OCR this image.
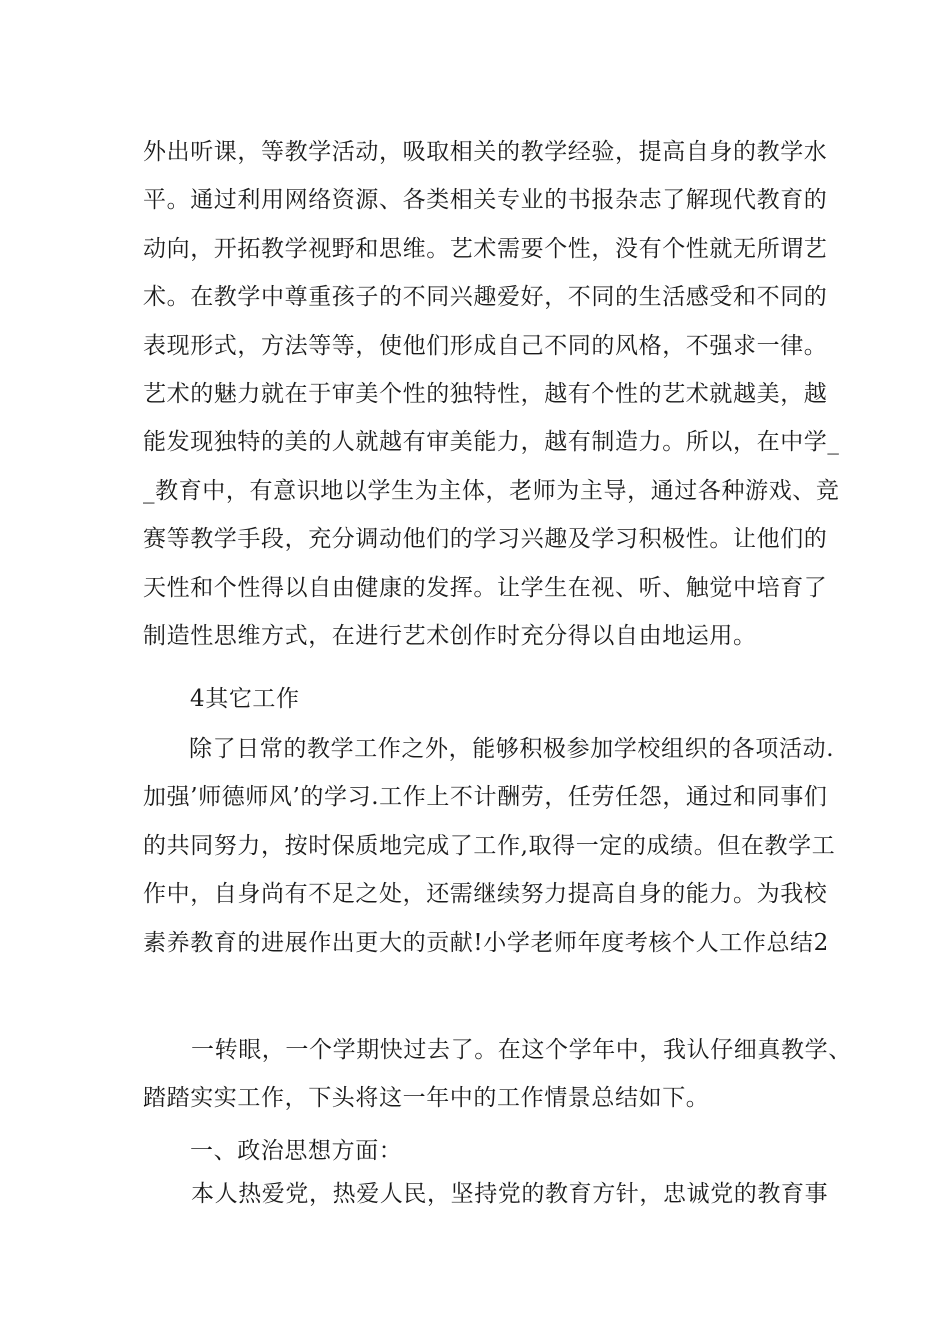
外出听课，等教学活动，吸取相关的教学经验，提高自身的教学水
平。通过利用网络资源、各类相关专业的书报杂志了解现代教育的
动向，开拓教学视野和思维。艺术需要个性，没有个性就无所谓艺
术。在教学中尊重孩子的不同兴趣爱好，不同的生活感受和不同的
表现形式，方法等等，使他们形成自己不同的风格，不强求一律。
艺术的魅力就在于审美个性的独特性，越有个性的艺术就越美，越
能发现独特的美的人就越有审美能力，越有制造力。所以，在中学_
_教育中，有意识地以学生为主体，老师为主导，通过各种游戏、竞
赛等教学手段，充分调动他们的学习兴趣及学习积极性。让他们的
天性和个性得以自由健康的发挥。让学生在视、听、触觉中培育了
制造性思维方式，在进行艺术创作时充分得以自由地运用。
4其它工作
除了日常的教学工作之外，能够积极参加学校组织的各项活动.
加强’师德师风’的学习.工作上不计酬劳，任劳任怨，通过和同事们
的共同努力，按时保质地完成了工作,取得一定的成绩。但在教学工
作中，自身尚有不足之处，还需继续努力提高自身的能力。为我校
素养教育的进展作出更大的贡献!小学老师年度考核个人工作总结2
一转眼，一个学期快过去了。在这个学年中，我认仔细真教学、
踏踏实实工作，下头将这一年中的工作情景总结如下。
一、政治思想方面：
本人热爱党，热爱人民，坚持党的教育方针，忠诚党的教育事
